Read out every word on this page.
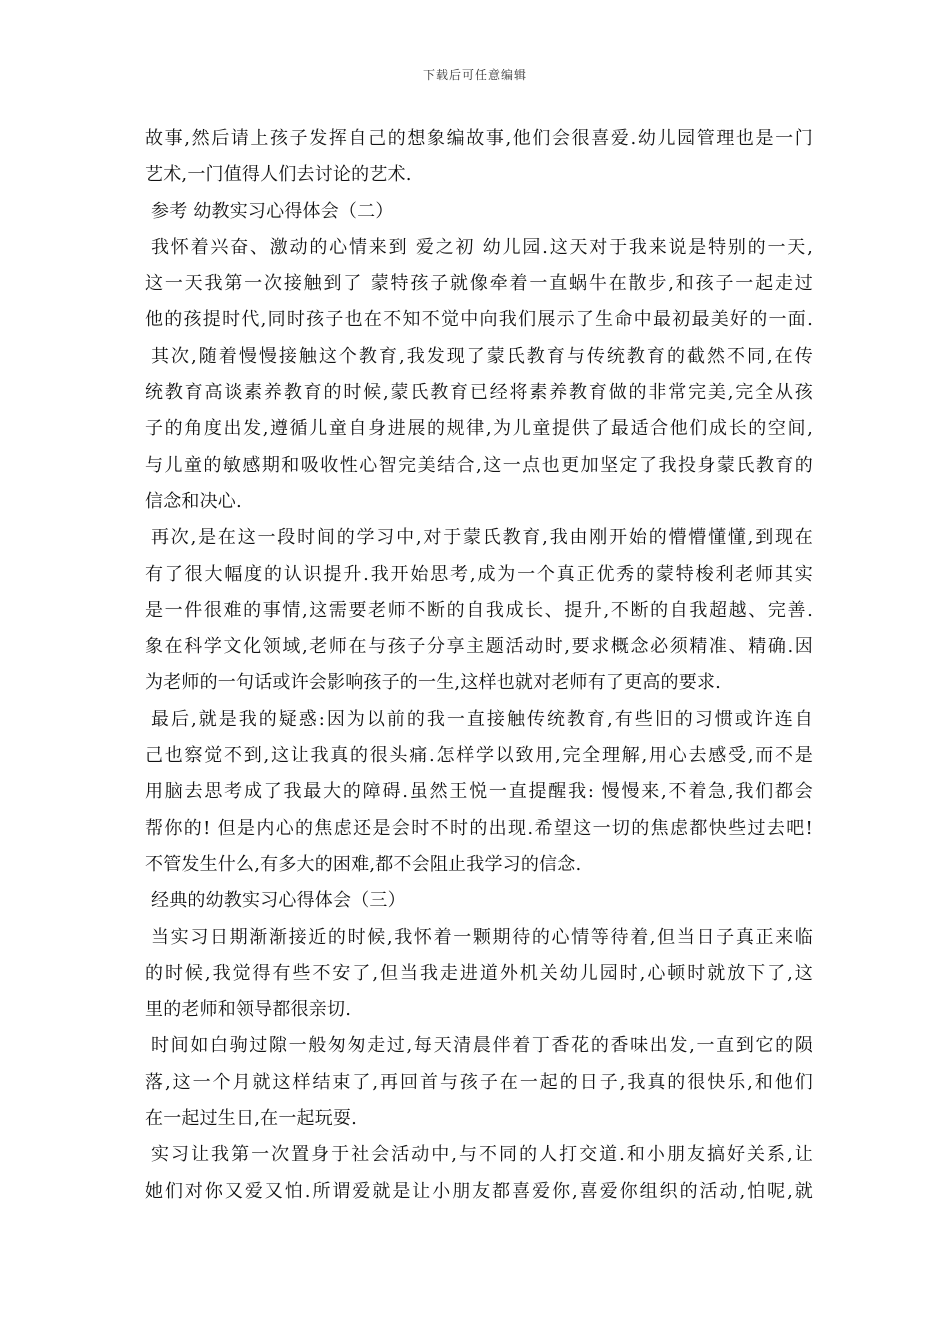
下载后可任意编辑
故事,然后请上孩子发挥自己的想象编故事,他们会很喜爱.幼儿园管理也是一门
艺术,一门值得人们去讨论的艺术.
参考 幼教实习心得体会（二）
我怀着兴奋、激动的心情来到 爱之初 幼儿园.这天对于我来说是特别的一天,
这一天我第一次接触到了 蒙特孩子就像牵着一直蜗牛在散步,和孩子一起走过
他的孩提时代,同时孩子也在不知不觉中向我们展示了生命中最初最美好的一面.
其次,随着慢慢接触这个教育,我发现了蒙氏教育与传统教育的截然不同,在传
统教育高谈素养教育的时候,蒙氏教育已经将素养教育做的非常完美,完全从孩
子的角度出发,遵循儿童自身进展的规律,为儿童提供了最适合他们成长的空间,
与儿童的敏感期和吸收性心智完美结合,这一点也更加坚定了我投身蒙氏教育的
信念和决心.
再次,是在这一段时间的学习中,对于蒙氏教育,我由刚开始的懵懵懂懂,到现在
有了很大幅度的认识提升.我开始思考,成为一个真正优秀的蒙特梭利老师其实
是一件很难的事情,这需要老师不断的自我成长、提升,不断的自我超越、完善.
象在科学文化领域,老师在与孩子分享主题活动时,要求概念必须精准、精确.因
为老师的一句话或许会影响孩子的一生,这样也就对老师有了更高的要求.
最后,就是我的疑惑:因为以前的我一直接触传统教育,有些旧的习惯或许连自
己也察觉不到,这让我真的很头痛.怎样学以致用,完全理解,用心去感受,而不是
用脑去思考成了我最大的障碍.虽然王悦一直提醒我: 慢慢来,不着急,我们都会
帮你的! 但是内心的焦虑还是会时不时的出现.希望这一切的焦虑都快些过去吧!
不管发生什么,有多大的困难,都不会阻止我学习的信念.
经典的幼教实习心得体会（三）
当实习日期渐渐接近的时候,我怀着一颗期待的心情等待着,但当日子真正来临
的时候,我觉得有些不安了,但当我走进道外机关幼儿园时,心顿时就放下了,这
里的老师和领导都很亲切.
时间如白驹过隙一般匆匆走过,每天清晨伴着丁香花的香味出发,一直到它的陨
落,这一个月就这样结束了,再回首与孩子在一起的日子,我真的很快乐,和他们
在一起过生日,在一起玩耍.
实习让我第一次置身于社会活动中,与不同的人打交道.和小朋友搞好关系,让
她们对你又爱又怕.所谓爱就是让小朋友都喜爱你,喜爱你组织的活动,怕呢,就
